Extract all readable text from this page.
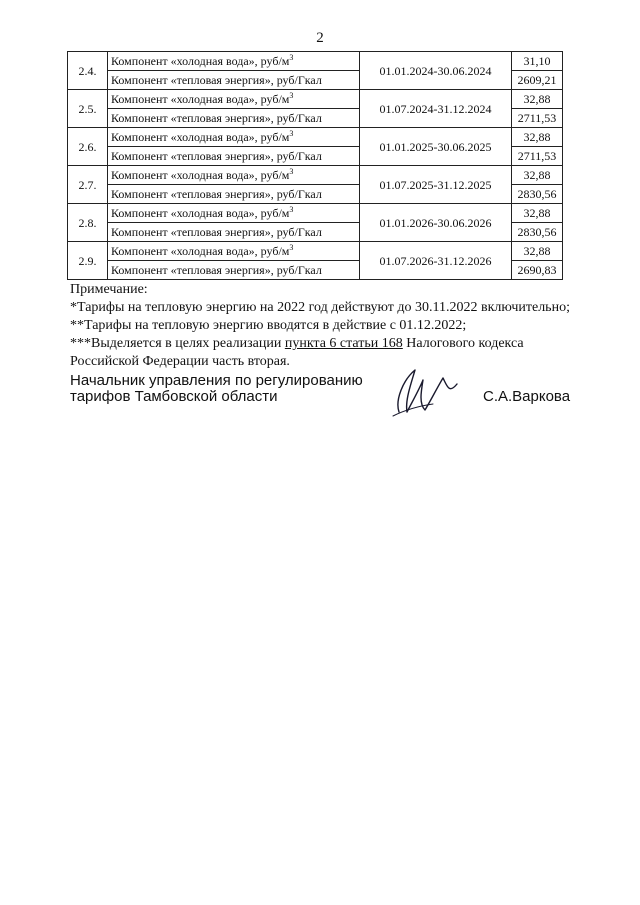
2
2.4.	Компонент «холодная вода», руб/$м^3$	01.01.2024-30.06.2024	31,10
	Компонент «тепловая энергия», руб/Гкал		2609,21
2.5.	Компонент «холодная вода», руб/$м^3$	01.07.2024-31.12.2024	32,88
	Компонент «тепловая энергия», руб/Гкал		2711,53
2.6.	Компонент «холодная вода», руб/$м^3$	01.01.2025-30.06.2025	32,88
	Компонент «тепловая энергия», руб/Гкал		2711,53
2.7.	Компонент «холодная вода», руб/$м^3$	01.07.2025-31.12.2025	32,88
	Компонент «тепловая энергия», руб/Гкал		2830,56
2.8.	Компонент «холодная вода», руб/$м^3$	01.01.2026-30.06.2026	32,88
	Компонент «тепловая энергия», руб/Гкал		2830,56
2.9.	Компонент «холодная вода», руб/$м^3$	01.07.2026-31.12.2026	32,88
	Компонент «тепловая энергия», руб/Гкал		2690,83
Примечание:
*Тарифы на тепловую энергию на 2022 год действуют до 30.11.2022 включительно;
**Тарифы на тепловую энергию вводятся в действие с 01.12.2022;
***Выделяется в целях реализации пункта 6 статьи 168 Налогового кодекса Российской Федерации часть вторая.
Начальник управления по регулированию
тарифов Тамбовской области	С.А.Варкова
